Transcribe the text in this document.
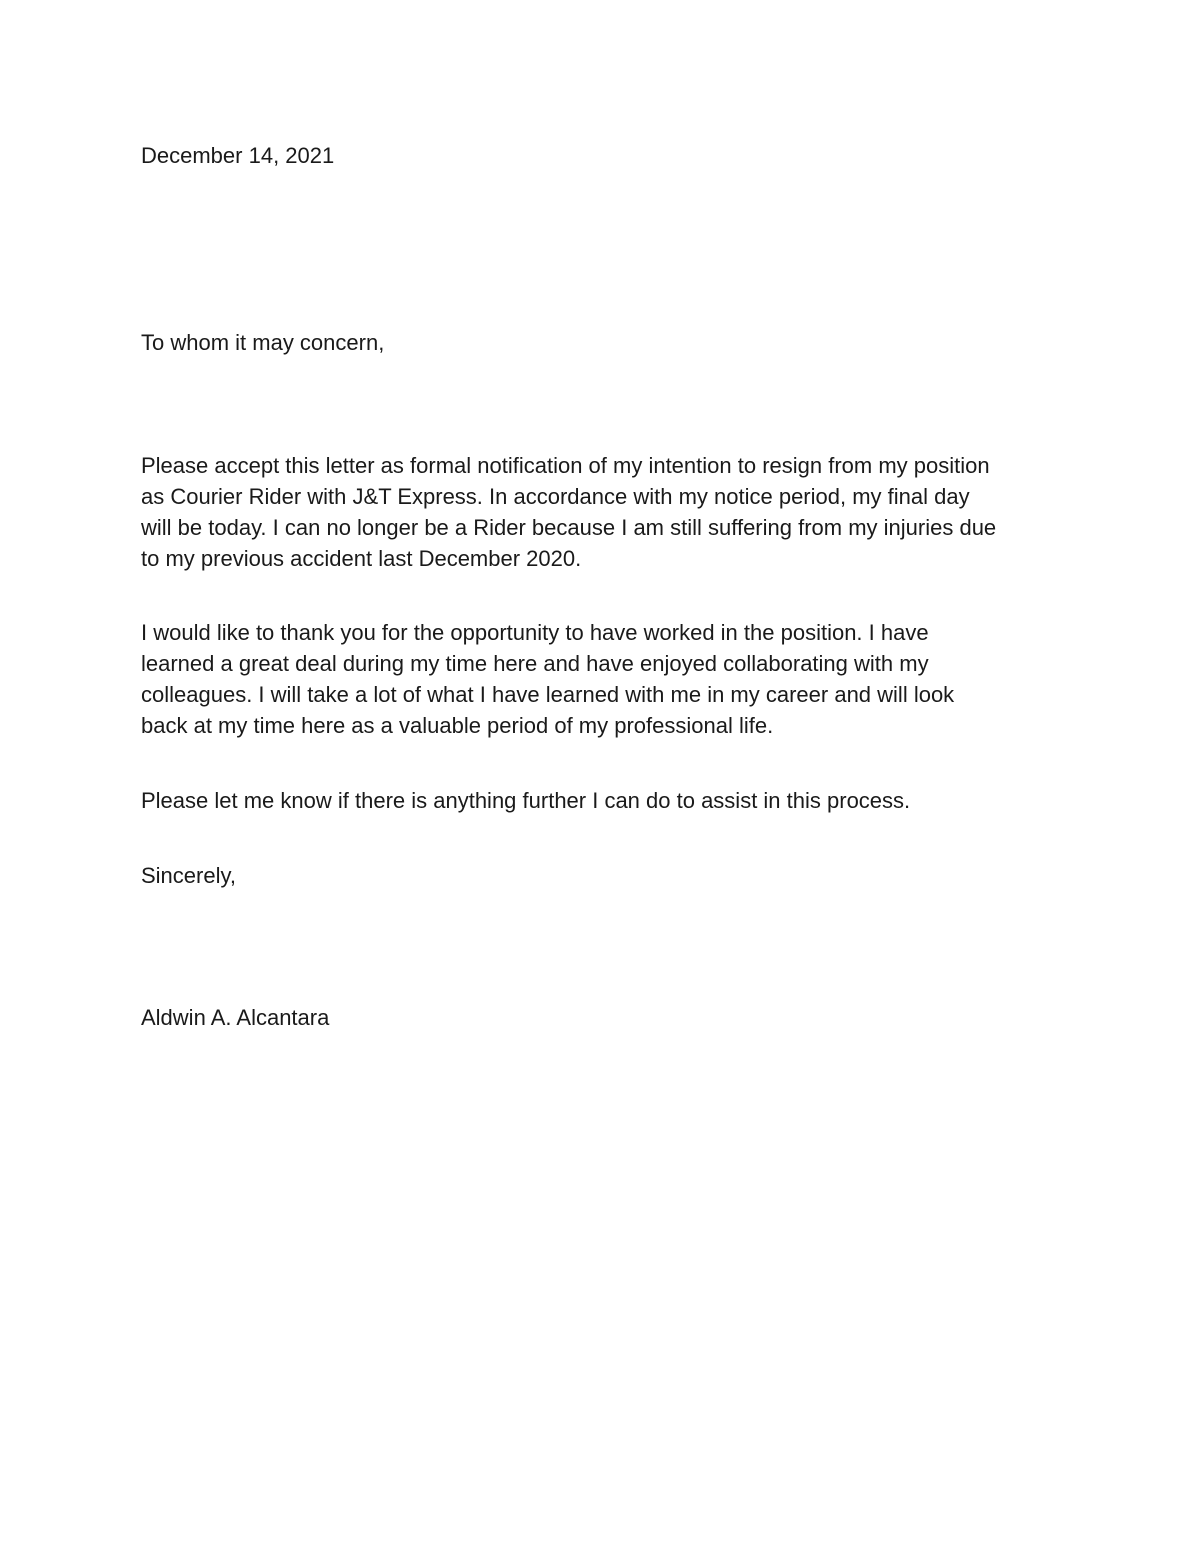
December 14, 2021

To whom it may concern,

Please accept this letter as formal notification of my intention to resign from my position
as Courier Rider with J&T Express. In accordance with my notice period, my final day
will be today. I can no longer be a Rider because I am still suffering from my injuries due
to my previous accident last December 2020.
I would like to thank you for the opportunity to have worked in the position. I have
learned a great deal during my time here and have enjoyed collaborating with my
colleagues. I will take a lot of what I have learned with me in my career and will look
back at my time here as a valuable period of my professional life.
Please let me know if there is anything further I can do to assist in this process.

Sincerely,

Aldwin A. Alcantara
